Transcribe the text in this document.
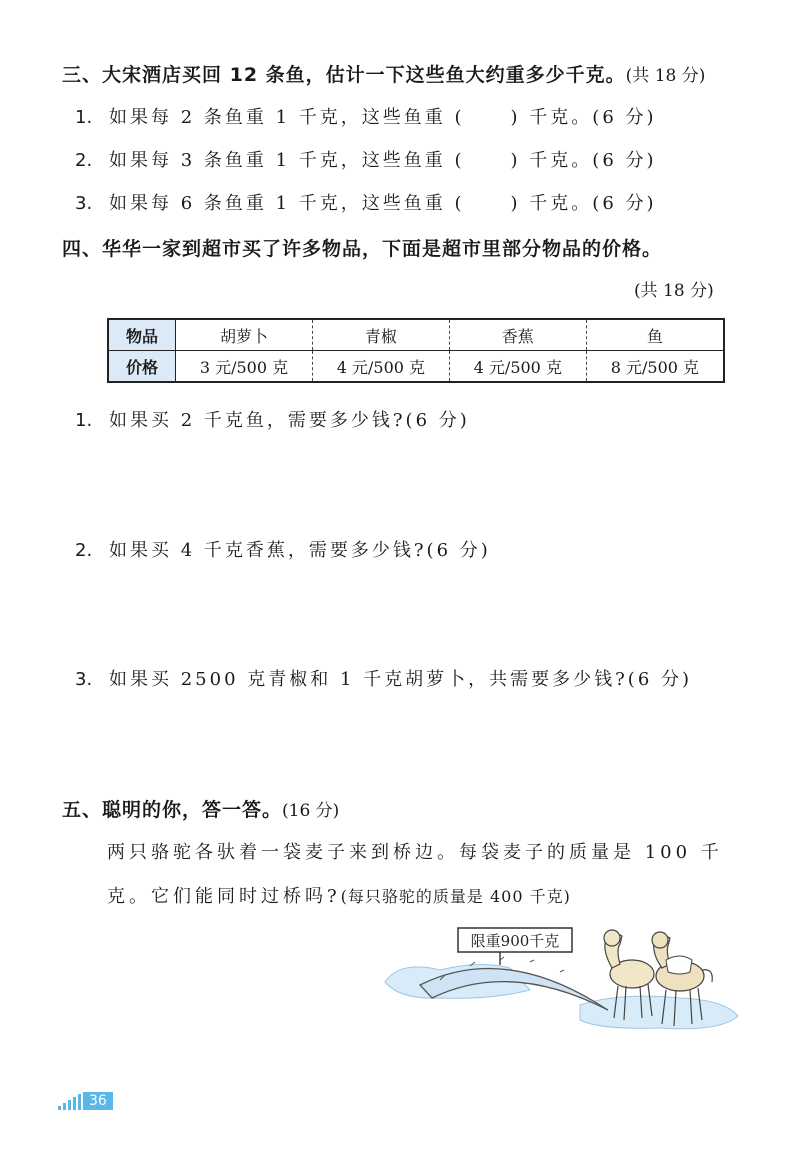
三、大宋酒店买回 12 条鱼，估计一下这些鱼大约重多少千克。(共 18 分)
1. 如果每 2 条鱼重 1 千克，这些鱼重 (	) 千克。(6 分)
2. 如果每 3 条鱼重 1 千克，这些鱼重 (	) 千克。(6 分)
3. 如果每 6 条鱼重 1 千克，这些鱼重 (	) 千克。(6 分)
四、华华一家到超市买了许多物品，下面是超市里部分物品的价格。
(共 18 分)
物品	胡萝卜	青椒	香蕉	鱼
价格	3 元/500 克	4 元/500 克	4 元/500 克	8 元/500 克
1. 如果买 2 千克鱼，需要多少钱?(6 分)
2. 如果买 4 千克香蕉，需要多少钱?(6 分)
3. 如果买 2500 克青椒和 1 千克胡萝卜，共需要多少钱?(6 分)
五、聪明的你，答一答。(16 分)
两只骆驼各驮着一袋麦子来到桥边。每袋麦子的质量是 100 千
克。它们能同时过桥吗?(每只骆驼的质量是 400 千克)
限重900千克
36
